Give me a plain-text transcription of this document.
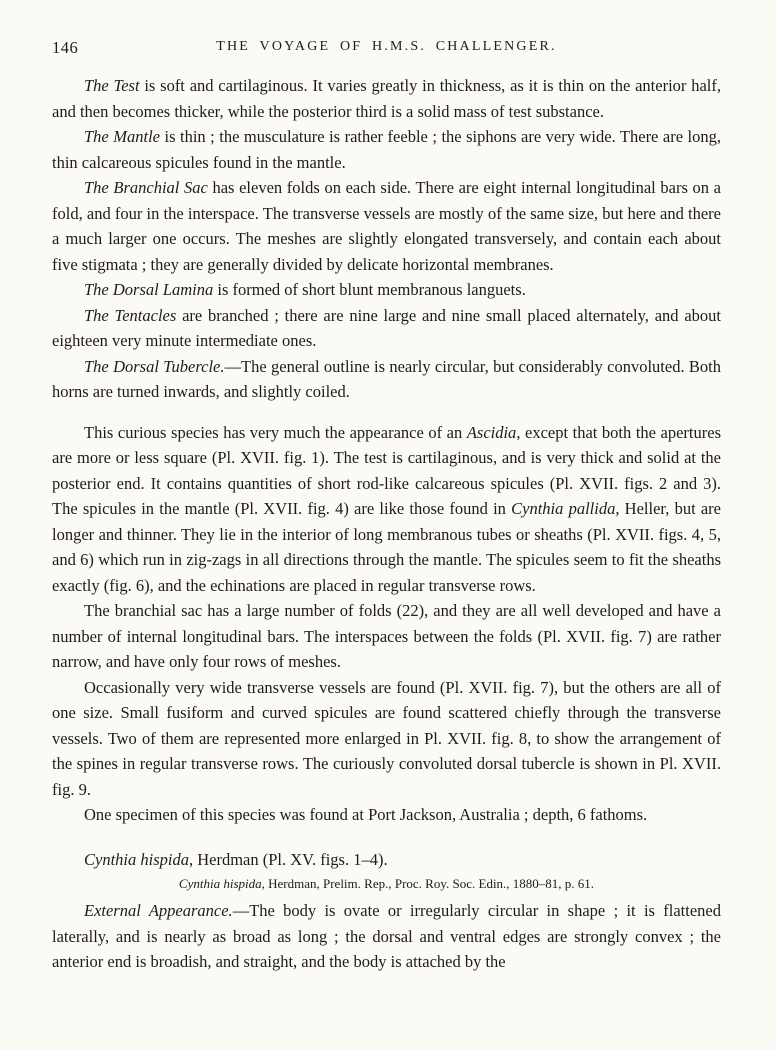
146	THE VOYAGE OF H.M.S. CHALLENGER.

The Test is soft and cartilaginous. It varies greatly in thickness, as it is thin on the anterior half, and then becomes thicker, while the posterior third is a solid mass of test substance.

The Mantle is thin ; the musculature is rather feeble ; the siphons are very wide. There are long, thin calcareous spicules found in the mantle.

The Branchial Sac has eleven folds on each side. There are eight internal longitudinal bars on a fold, and four in the interspace. The transverse vessels are mostly of the same size, but here and there a much larger one occurs. The meshes are slightly elongated transversely, and contain each about five stigmata ; they are generally divided by delicate horizontal membranes.

The Dorsal Lamina is formed of short blunt membranous languets.

The Tentacles are branched ; there are nine large and nine small placed alternately, and about eighteen very minute intermediate ones.

The Dorsal Tubercle.—The general outline is nearly circular, but considerably convoluted. Both horns are turned inwards, and slightly coiled.

This curious species has very much the appearance of an Ascidia, except that both the apertures are more or less square (Pl. XVII. fig. 1). The test is cartilaginous, and is very thick and solid at the posterior end. It contains quantities of short rod-like calcareous spicules (Pl. XVII. figs. 2 and 3). The spicules in the mantle (Pl. XVII. fig. 4) are like those found in Cynthia pallida, Heller, but are longer and thinner. They lie in the interior of long membranous tubes or sheaths (Pl. XVII. figs. 4, 5, and 6) which run in zig-zags in all directions through the mantle. The spicules seem to fit the sheaths exactly (fig. 6), and the echinations are placed in regular transverse rows.

The branchial sac has a large number of folds (22), and they are all well developed and have a number of internal longitudinal bars. The interspaces between the folds (Pl. XVII. fig. 7) are rather narrow, and have only four rows of meshes.

Occasionally very wide transverse vessels are found (Pl. XVII. fig. 7), but the others are all of one size. Small fusiform and curved spicules are found scattered chiefly through the transverse vessels. Two of them are represented more enlarged in Pl. XVII. fig. 8, to show the arrangement of the spines in regular transverse rows. The curiously convoluted dorsal tubercle is shown in Pl. XVII. fig. 9.

One specimen of this species was found at Port Jackson, Australia ; depth, 6 fathoms.

Cynthia hispida, Herdman (Pl. XV. figs. 1–4).

Cynthia hispida, Herdman, Prelim. Rep., Proc. Roy. Soc. Edin., 1880–81, p. 61.

External Appearance.—The body is ovate or irregularly circular in shape ; it is flattened laterally, and is nearly as broad as long ; the dorsal and ventral edges are strongly convex ; the anterior end is broadish, and straight, and the body is attached by the
